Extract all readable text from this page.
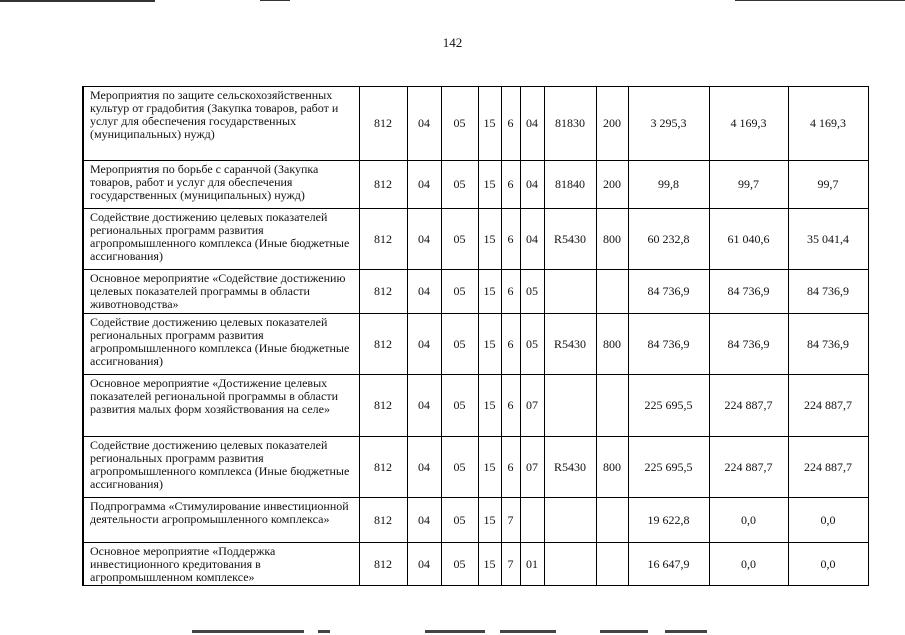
142
Мероприятия по защите сельскохозяйственных культур от градобития (Закупка товаров, работ и услуг для обеспечения государственных (муниципальных) нужд)	812	04	05	15	6	04	81830	200	3 295,3	4 169,3	4 169,3
Мероприятия по борьбе с саранчой (Закупка товаров, работ и услуг для обеспечения государственных (муниципальных) нужд)	812	04	05	15	6	04	81840	200	99,8	99,7	99,7
Содействие достижению целевых показателей региональных программ развития агропромышленного комплекса (Иные бюджетные ассигнования)	812	04	05	15	6	04	R5430	800	60 232,8	61 040,6	35 041,4
Основное мероприятие «Содействие достижению целевых показателей программы в области животноводства»	812	04	05	15	6	05			84 736,9	84 736,9	84 736,9
Содействие достижению целевых показателей региональных программ развития агропромышленного комплекса (Иные бюджетные ассигнования)	812	04	05	15	6	05	R5430	800	84 736,9	84 736,9	84 736,9
Основное мероприятие «Достижение целевых показателей региональной программы в области развития малых форм хозяйствования на селе»	812	04	05	15	6	07			225 695,5	224 887,7	224 887,7
Содействие достижению целевых показателей региональных программ развития агропромышленного комплекса (Иные бюджетные ассигнования)	812	04	05	15	6	07	R5430	800	225 695,5	224 887,7	224 887,7
Подпрограмма «Стимулирование инвестиционной деятельности агропромышленного комплекса»	812	04	05	15	7				19 622,8	0,0	0,0
Основное мероприятие «Поддержка инвестиционного кредитования в агропромышленном комплексе»	812	04	05	15	7	01			16 647,9	0,0	0,0
